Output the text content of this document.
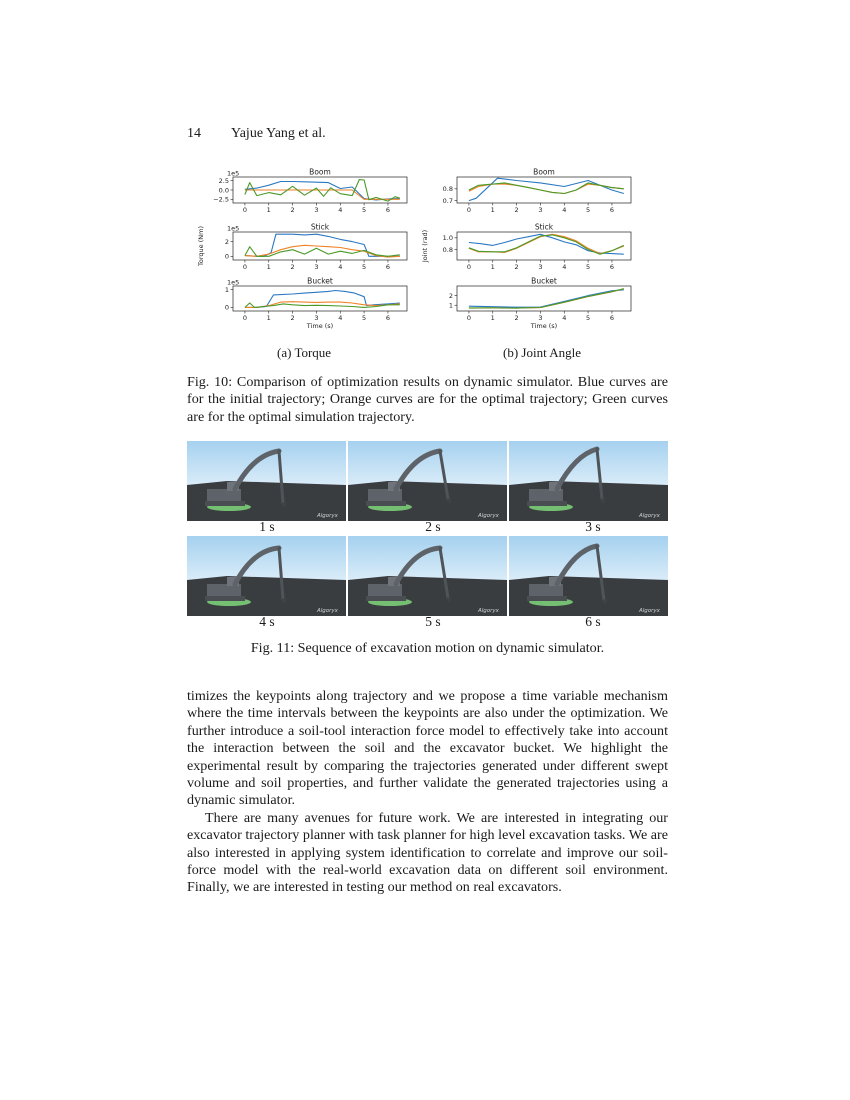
14 Yajue Yang et al.
Boom
1e5
2.5
0.0
−2.5
0	1	2	3	4	5	6
Stick
1e5
2
0
0	1	2	3	4	5	6
Bucket
1e5
1
0
0	1	2	3	4	5	6
Time (s)
Torque (Nm)
Boom
0.8
0.7
0	1	2	3	4	5	6
Stick
1.0
0.8
0	1	2	3	4	5	6
Bucket
2
1
0	1	2	3	4	5	6
Time (s)
Joint (rad)
(a) Torque	(b) Joint Angle
Fig. 10: Comparison of optimization results on dynamic simulator. Blue curves are for the initial trajectory; Orange curves are for the optimal trajectory; Green curves are for the optimal simulation trajectory.
Algoryx	Algoryx	Algoryx
1 s	2 s	3 s
Algoryx	Algoryx	Algoryx
4 s	5 s	6 s
Fig. 11: Sequence of excavation motion on dynamic simulator.

timizes the keypoints along trajectory and we propose a time variable mechanism where the time intervals between the keypoints are also under the optimization. We further introduce a soil-tool interaction force model to effectively take into account the interaction between the soil and the excavator bucket. We highlight the experimental result by comparing the trajectories generated under different swept volume and soil properties, and further validate the generated trajectories using a dynamic simulator.

There are many avenues for future work. We are interested in integrating our excavator trajectory planner with task planner for high level excavation tasks. We are also interested in applying system identification to correlate and improve our soil-force model with the real-world excavation data on different soil environment. Finally, we are interested in testing our method on real excavators.
